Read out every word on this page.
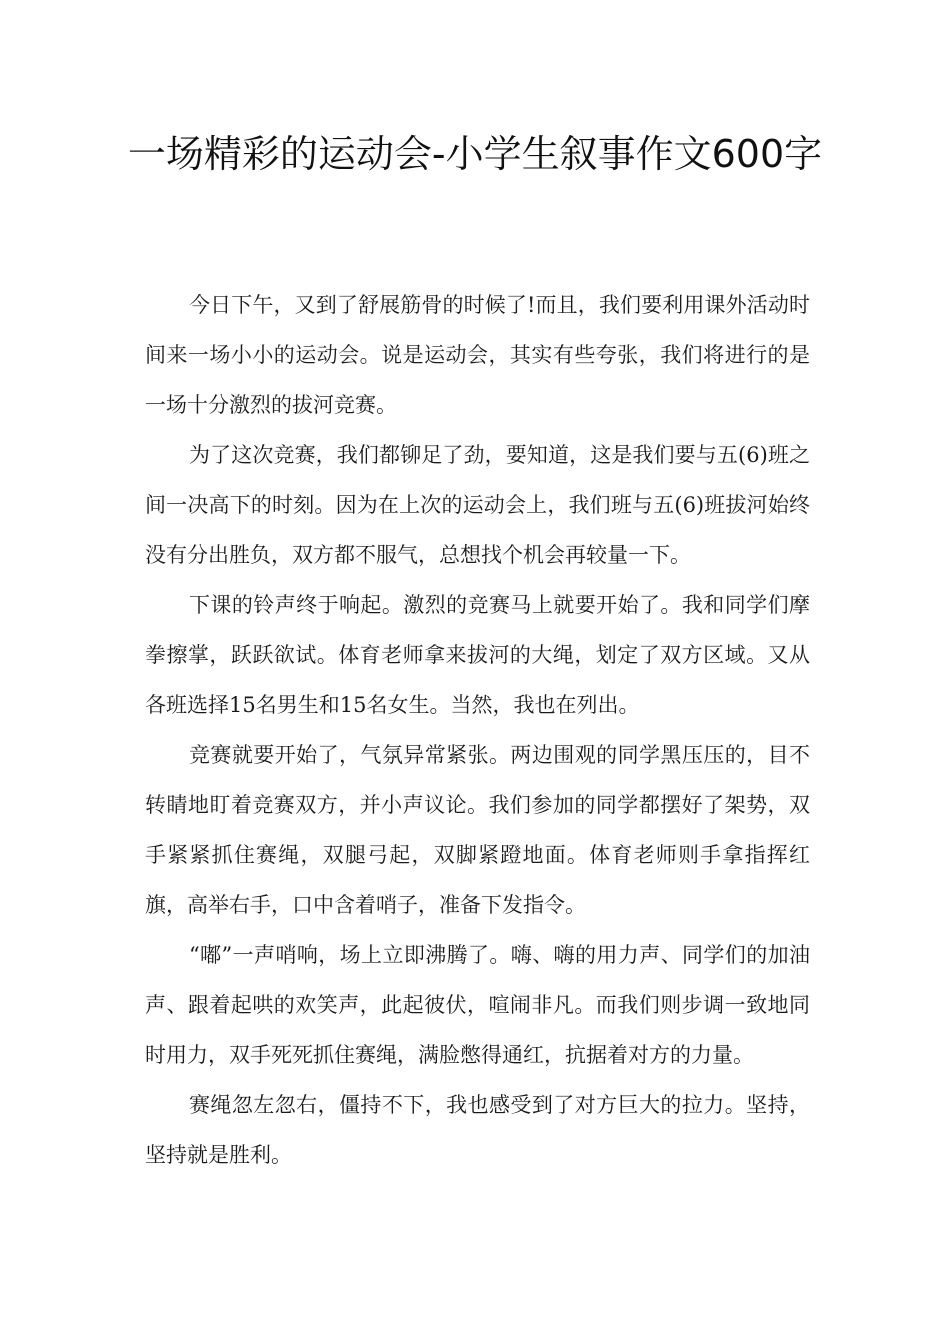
一场精彩的运动会-小学生叙事作文600字

今日下午，又到了舒展筋骨的时候了!而且，我们要利用课外活动时间来一场小小的运动会。说是运动会，其实有些夸张，我们将进行的是一场十分激烈的拔河竞赛。

为了这次竞赛，我们都铆足了劲，要知道，这是我们要与五(6)班之间一决高下的时刻。因为在上次的运动会上，我们班与五(6)班拔河始终没有分出胜负，双方都不服气，总想找个机会再较量一下。

下课的铃声终于响起。激烈的竞赛马上就要开始了。我和同学们摩拳擦掌，跃跃欲试。体育老师拿来拔河的大绳，划定了双方区域。又从各班选择15名男生和15名女生。当然，我也在列出。

竞赛就要开始了，气氛异常紧张。两边围观的同学黑压压的，目不转睛地盯着竞赛双方，并小声议论。我们参加的同学都摆好了架势，双手紧紧抓住赛绳，双腿弓起，双脚紧蹬地面。体育老师则手拿指挥红旗，高举右手，口中含着哨子，准备下发指令。

“嘟”一声哨响，场上立即沸腾了。嗨、嗨的用力声、同学们的加油声、跟着起哄的欢笑声，此起彼伏，喧闹非凡。而我们则步调一致地同时用力，双手死死抓住赛绳，满脸憋得通红，抗据着对方的力量。

赛绳忽左忽右，僵持不下，我也感受到了对方巨大的拉力。坚持，坚持就是胜利。
